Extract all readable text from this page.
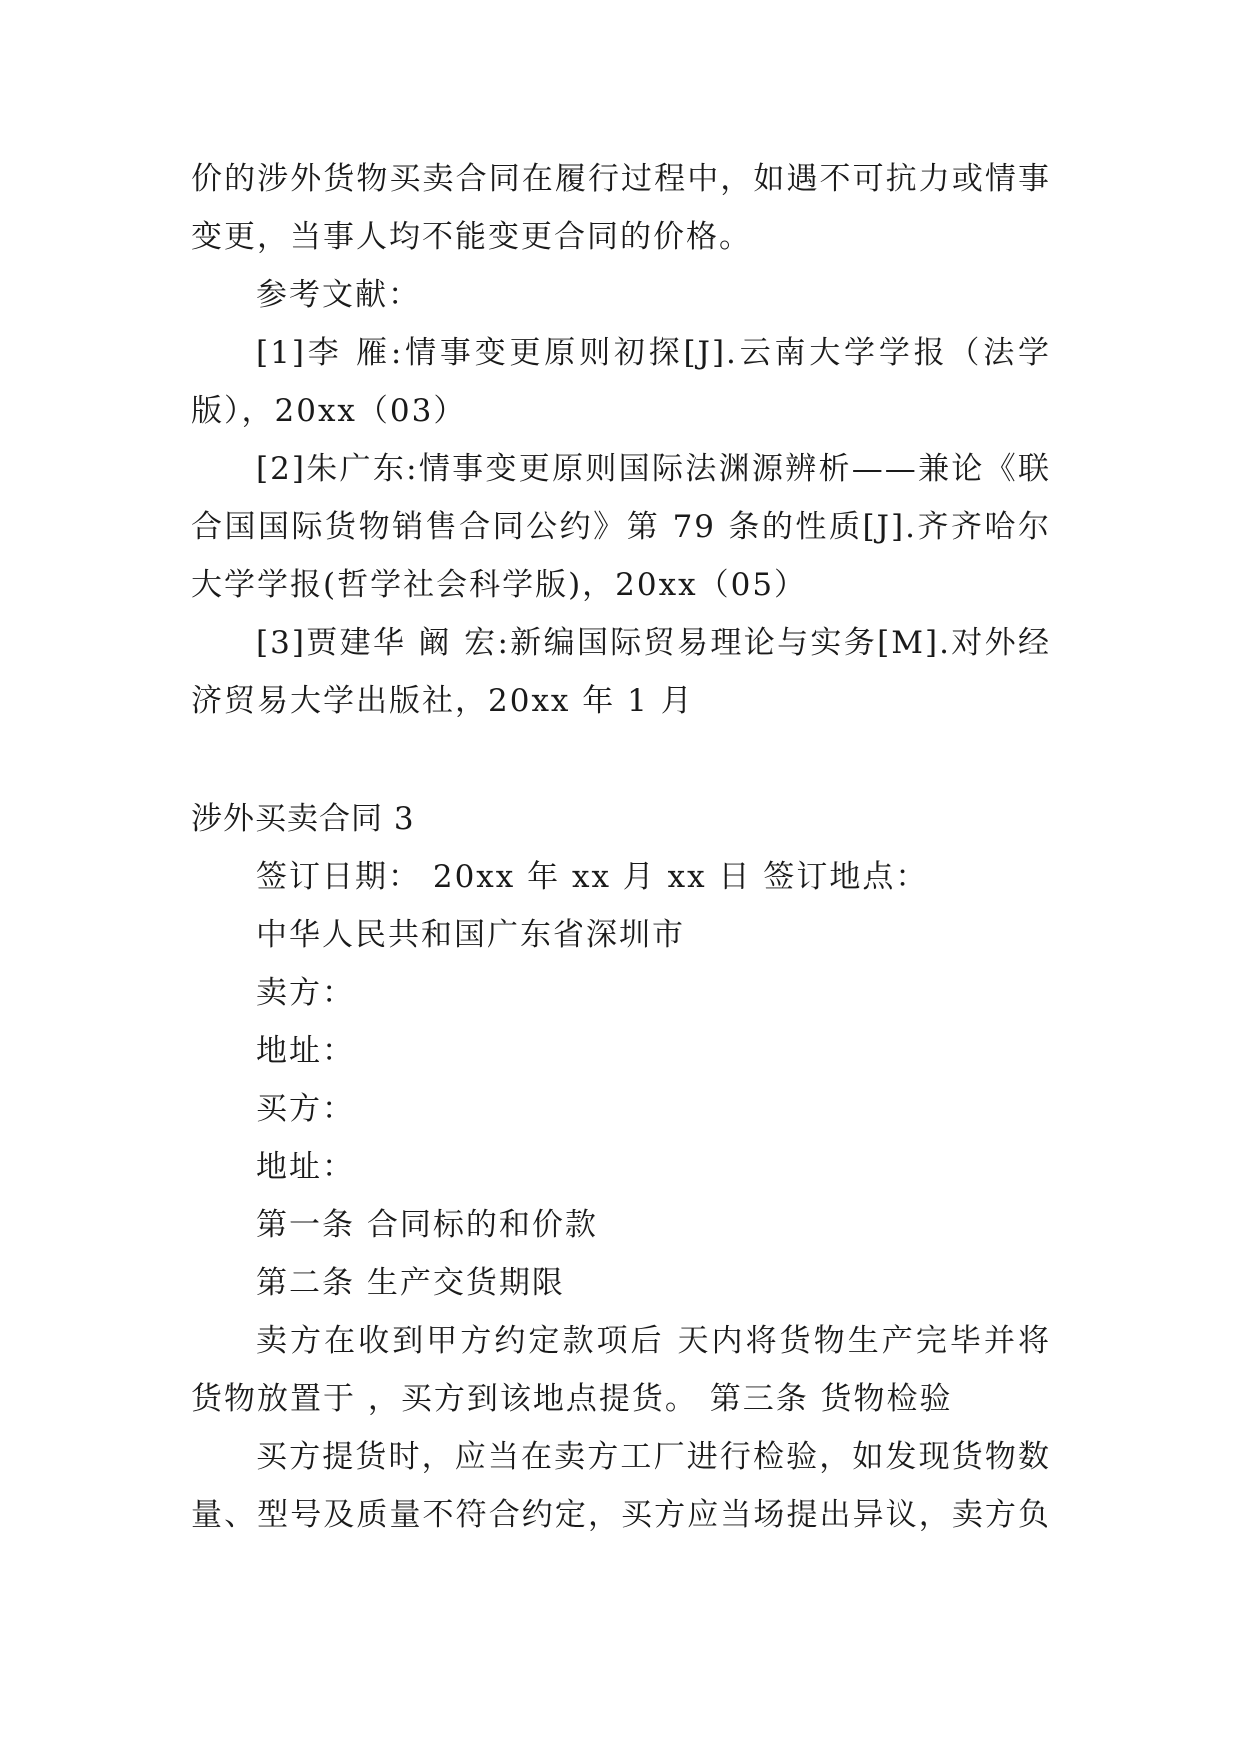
价的涉外货物买卖合同在履行过程中，如遇不可抗力或情事
变更，当事人均不能变更合同的价格。
参考文献：
[1]李 雁:情事变更原则初探[J].云南大学学报（法学
版），20xx（03）
[2]朱广东:情事变更原则国际法渊源辨析——兼论《联
合国国际货物销售合同公约》第 79 条的性质[J].齐齐哈尔
大学学报(哲学社会科学版)，20xx（05）
[3]贾建华 阚 宏:新编国际贸易理论与实务[M].对外经
济贸易大学出版社，20xx 年 1 月
涉外买卖合同 3
签订日期： 20xx 年 xx 月 xx 日 签订地点：
中华人民共和国广东省深圳市
卖方：
地址：
买方：
地址：
第一条 合同标的和价款
第二条 生产交货期限
卖方在收到甲方约定款项后 天内将货物生产完毕并将
货物放置于 ，买方到该地点提货。 第三条 货物检验
买方提货时，应当在卖方工厂进行检验，如发现货物数
量、型号及质量不符合约定，买方应当场提出异议，卖方负
